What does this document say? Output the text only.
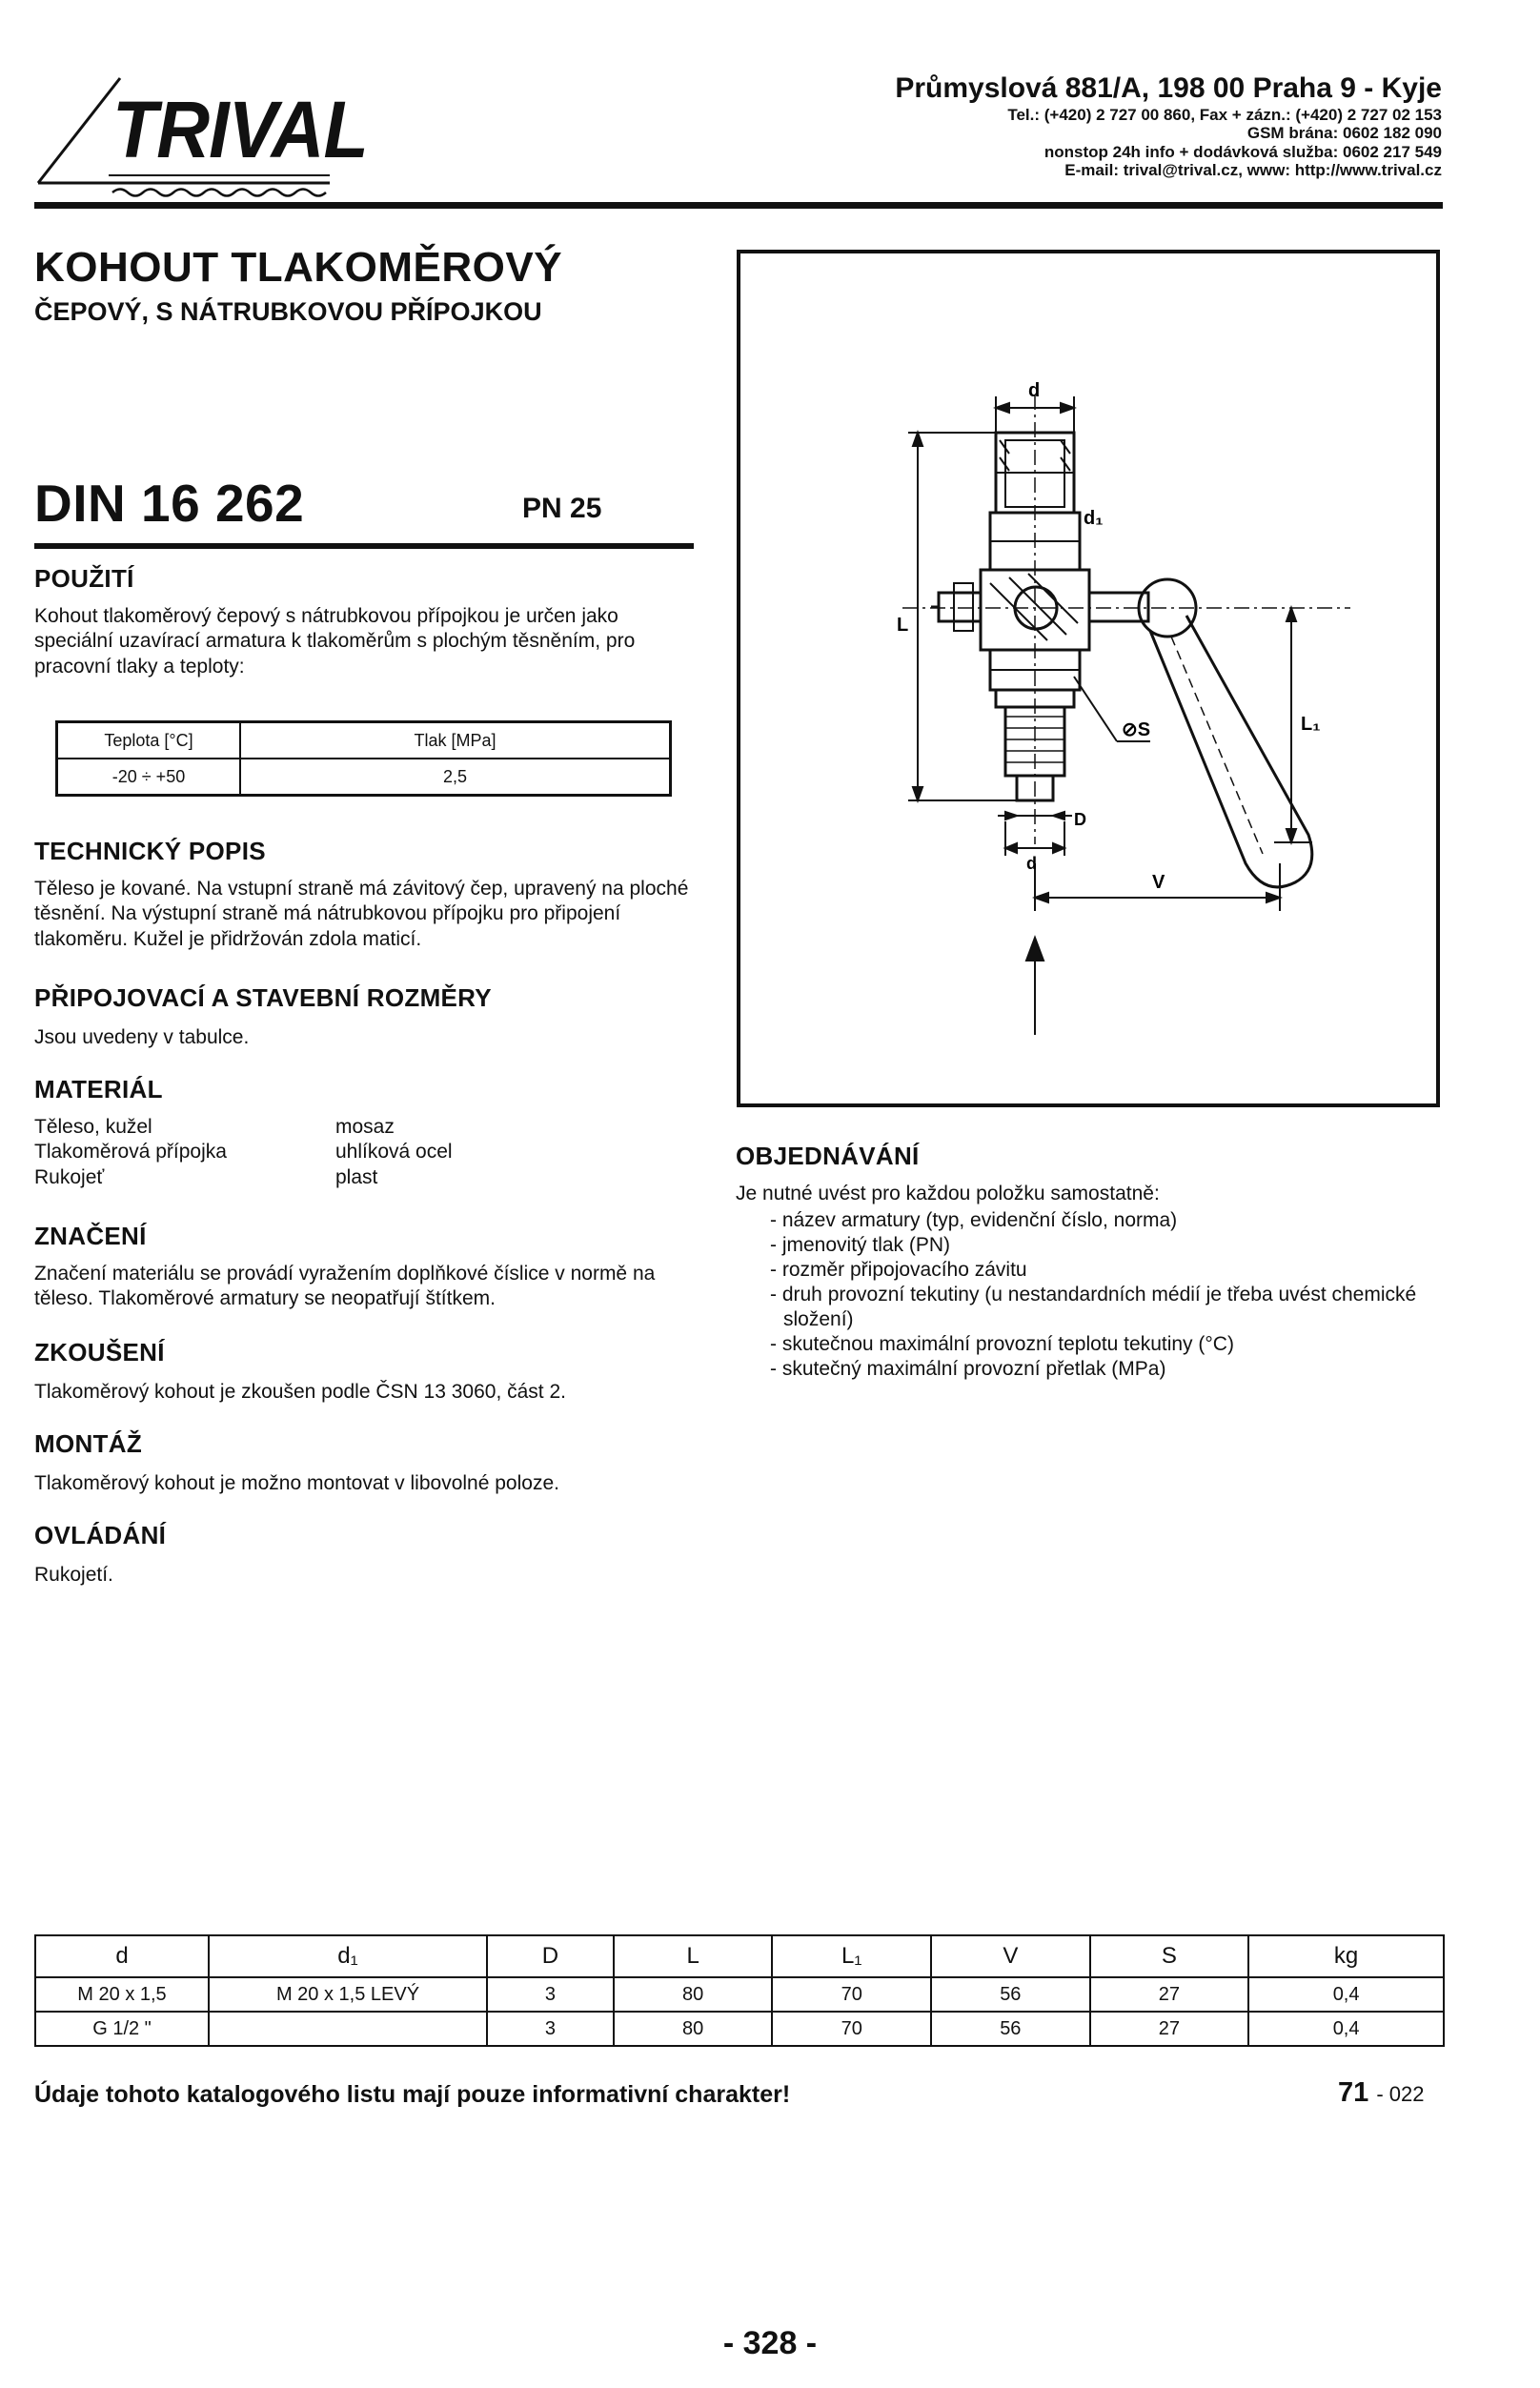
TRIVAL	Průmyslová 881/A, 198 00 Praha 9 - Kyje
Tel.: (+420) 2 727 00 860, Fax + zázn.: (+420) 2 727 02 153
GSM brána: 0602 182 090
nonstop 24h info + dodávková služba: 0602 217 549
E-mail: trival@trival.cz, www: http://www.trival.cz
KOHOUT TLAKOMĚROVÝ
ČEPOVÝ, S NÁTRUBKOVOU PŘÍPOJKOU
DIN 16 262	PN 25
POUŽITÍ
Kohout tlakoměrový čepový s nátrubkovou přípojkou je určen jako speciální uzavírací armatura k tlakoměrům s plochým těsněním, pro pracovní tlaky a teploty:
Teplota [°C]	Tlak [MPa]
-20 ÷ +50	2,5
TECHNICKÝ POPIS
Těleso je kované. Na vstupní straně má závitový čep, upravený na ploché těsnění. Na výstupní straně má nátrubkovou přípojku pro připojení tlakoměru. Kužel je přidržován zdola maticí.
PŘIPOJOVACÍ A STAVEBNÍ ROZMĚRY
Jsou uvedeny v tabulce.
MATERIÁL
Těleso, kužel	mosaz
Tlakoměrová přípojka	uhlíková ocel
Rukojeť	plast
ZNAČENÍ
Značení materiálu se provádí vyražením doplňkové číslice v normě na těleso. Tlakoměrové armatury se neopatřují štítkem.
ZKOUŠENÍ
Tlakoměrový kohout je zkoušen podle ČSN 13 3060, část 2.
MONTÁŽ
Tlakoměrový kohout je možno montovat v libovolné poloze.
OVLÁDÁNÍ
Rukojetí.
d
d₁
L
L₁
⊘S
D
d
V
OBJEDNÁVÁNÍ
Je nutné uvést pro každou položku samostatně:
- název armatury (typ, evidenční číslo, norma)
- jmenovitý tlak (PN)
- rozměr připojovacího závitu
- druh provozní tekutiny (u nestandardních médií je třeba uvést chemické složení)
- skutečnou maximální provozní teplotu tekutiny (°C)
- skutečný maximální provozní přetlak (MPa)
d	d₁	D	L	L₁	V	S	kg
M 20 x 1,5	M 20 x 1,5 LEVÝ	3	80	70	56	27	0,4
G 1/2 "		3	80	70	56	27	0,4
Údaje tohoto katalogového listu mají pouze informativní charakter!	71 - 022
- 328 -
